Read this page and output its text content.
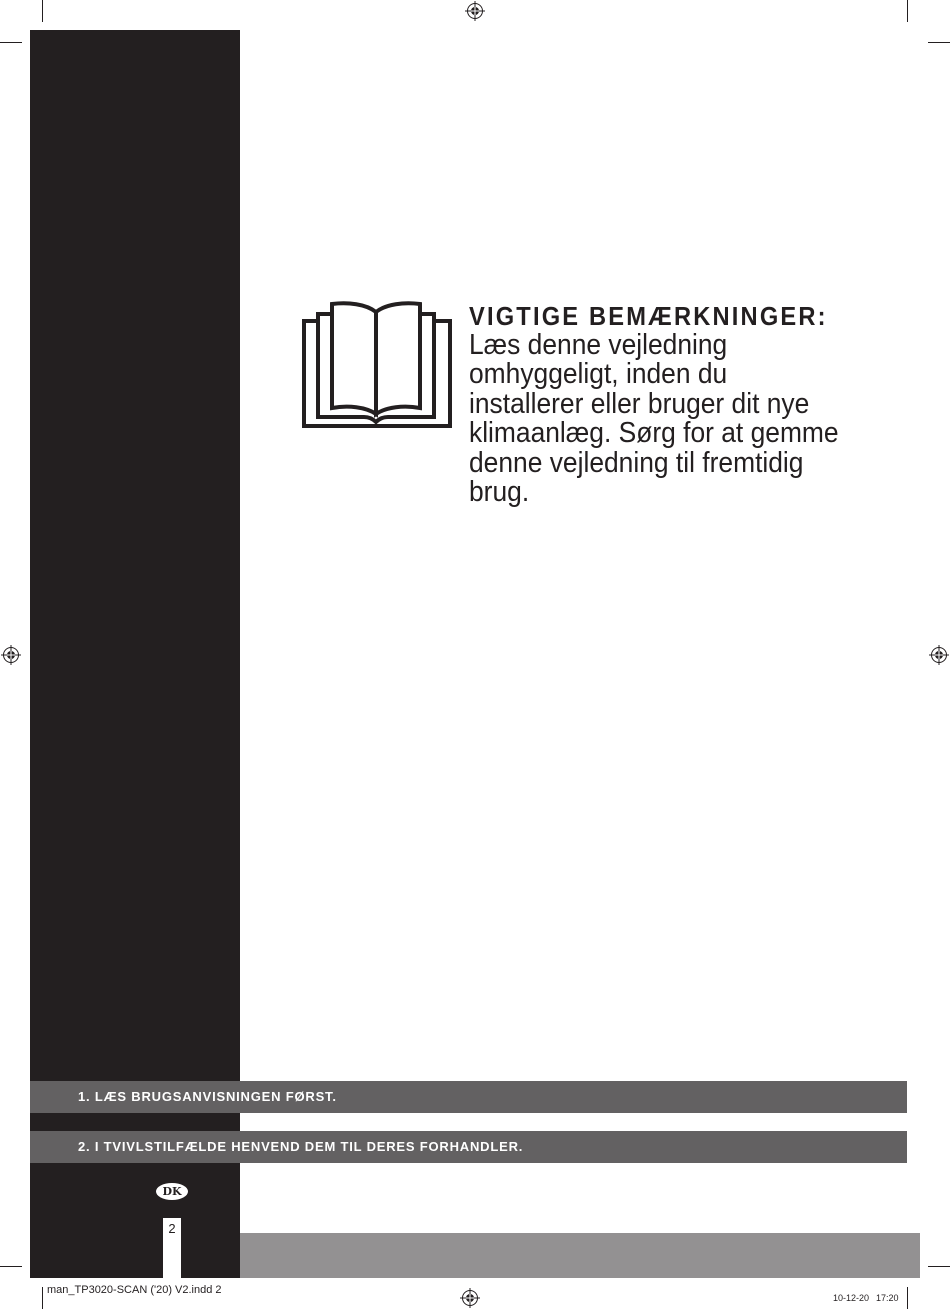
VIGTIGE BEMÆRKNINGER:
Læs denne vejledning
omhyggeligt, inden du
installerer eller bruger dit nye
klimaanlæg. Sørg for at gemme
denne vejledning til fremtidig
brug.
1. LÆS BRUGSANVISNINGEN FØRST.
2. I TVIVLSTILFÆLDE HENVEND DEM TIL DERES FORHANDLER.
DK
2
man_TP3020-SCAN ('20) V2.indd 2
10-12-20 17:20
